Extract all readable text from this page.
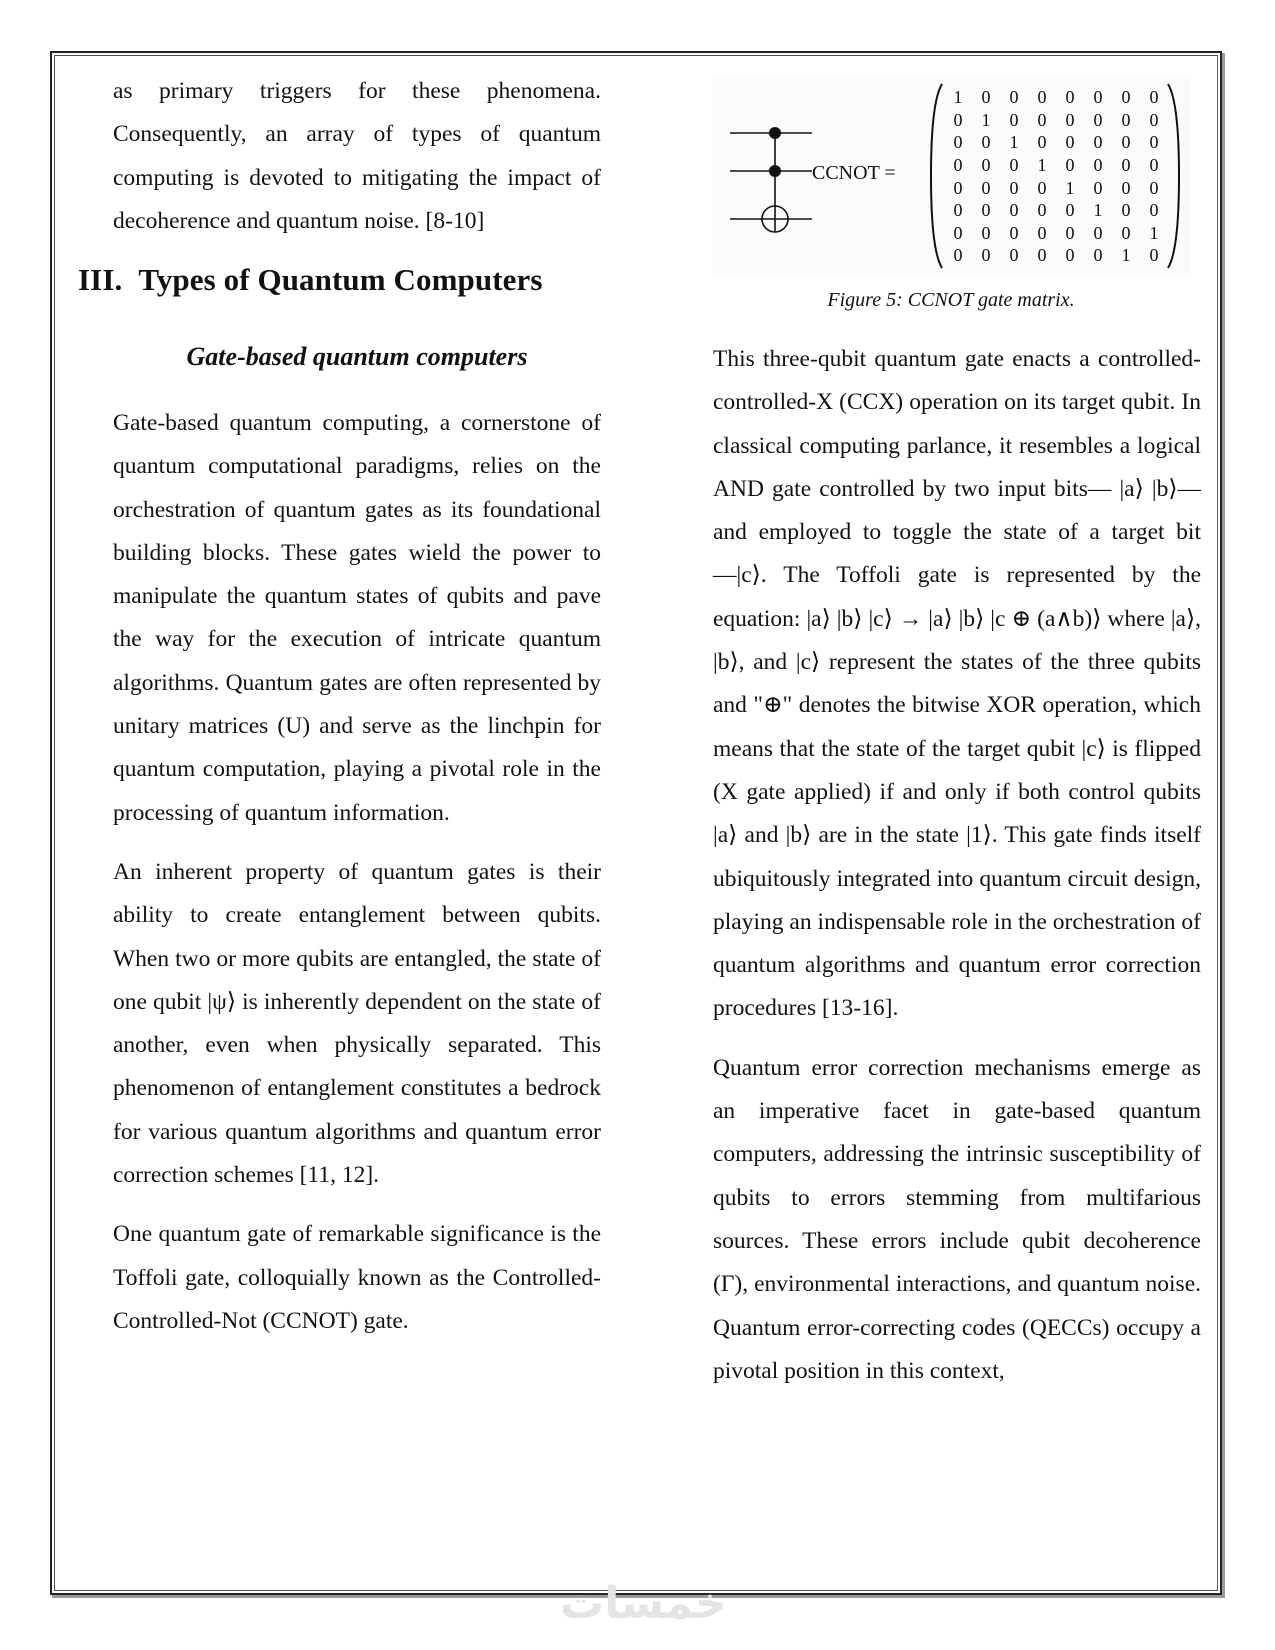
as primary triggers for these phenomena. Consequently, an array of types of quantum computing is devoted to mitigating the impact of decoherence and quantum noise. [8-10]

III. Types of Quantum Computers
Gate-based quantum computers

Gate-based quantum computing, a cornerstone of quantum computational paradigms, relies on the orchestration of quantum gates as its foundational building blocks. These gates wield the power to manipulate the quantum states of qubits and pave the way for the execution of intricate quantum algorithms. Quantum gates are often represented by unitary matrices (U) and serve as the linchpin for quantum computation, playing a pivotal role in the processing of quantum information.

An inherent property of quantum gates is their ability to create entanglement between qubits. When two or more qubits are entangled, the state of one qubit |ψ⟩ is inherently dependent on the state of another, even when physically separated. This phenomenon of entanglement constitutes a bedrock for various quantum algorithms and quantum error correction schemes [11, 12].

One quantum gate of remarkable significance is the Toffoli gate, colloquially known as the Controlled-Controlled-Not (CCNOT) gate.

CCNOT =
1	0	0	0	0	0	0	0
0	1	0	0	0	0	0	0
0	0	1	0	0	0	0	0
0	0	0	1	0	0	0	0
0	0	0	0	1	0	0	0
0	0	0	0	0	1	0	0
0	0	0	0	0	0	0	1
0	0	0	0	0	0	1	0
Figure 5: CCNOT gate matrix.

This three-qubit quantum gate enacts a controlled-controlled-X (CCX) operation on its target qubit. In classical computing parlance, it resembles a logical AND gate controlled by two input bits— |a⟩ |b⟩—and employed to toggle the state of a target bit—|c⟩. The Toffoli gate is represented by the equation: |a⟩ |b⟩ |c⟩ → |a⟩ |b⟩ |c ⊕ (a∧b)⟩ where |a⟩, |b⟩, and |c⟩ represent the states of the three qubits and "⊕" denotes the bitwise XOR operation, which means that the state of the target qubit |c⟩ is flipped (X gate applied) if and only if both control qubits |a⟩ and |b⟩ are in the state |1⟩. This gate finds itself ubiquitously integrated into quantum circuit design, playing an indispensable role in the orchestration of quantum algorithms and quantum error correction procedures [13-16].

Quantum error correction mechanisms emerge as an imperative facet in gate-based quantum computers, addressing the intrinsic susceptibility of qubits to errors stemming from multifarious sources. These errors include qubit decoherence (Γ), environmental interactions, and quantum noise. Quantum error-correcting codes (QECCs) occupy a pivotal position in this context,

خمسات
